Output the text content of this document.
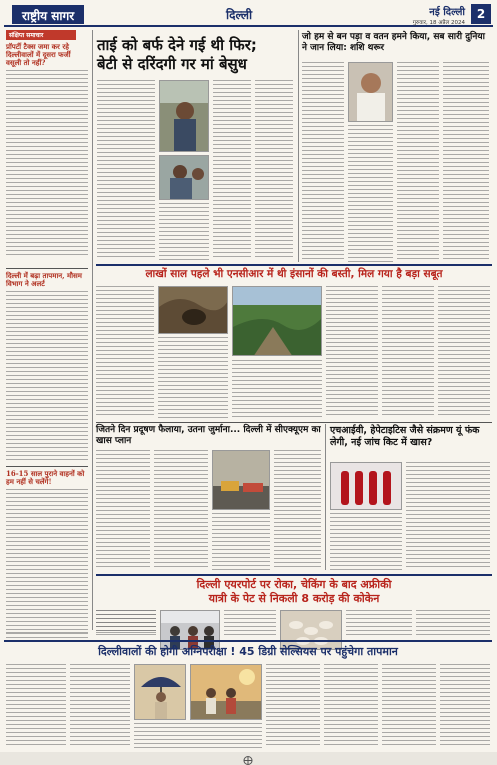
राष्ट्रीय सागर	दिल्ली	नई दिल्ली
गुरुवार, 18 अप्रैल 2024
2
संक्षिप्त समाचार
प्रॉपर्टी टैक्स जमा कर रहे दिल्लीवालों में दूसरा फर्जी वसूली तो नहीं?
दिल्ली में बढ़ा तापमान, मौसम विभाग ने अलर्ट
16-15 साल पुराने वाहनों को हम नहीं से चलेंगे!
ताई को बर्फ देने गई थी फिर;
बेटी से दरिंदगी गर मां बेसुध
जो हम से बन पड़ा व वतन हमने किया, सब सारी दुनिया ने जान लिया: शशि थरूर
लाखों साल पहले भी एनसीआर में थी इंसानों की बस्ती, मिल गया है बड़ा सबूत
जितने दिन प्रदूषण फैलाया, उतना जुर्माना... दिल्ली में सीएक्यूएम का खास प्लान
एचआईवी, हेपेटाइटिस जैसे संक्रमण यूं फंक लेगी, नई जांच किट में खास?
दिल्ली एयरपोर्ट पर रोका, चेकिंग के बाद अफ्रीकी
यात्री के पेट से निकली 8 करोड़ की कोकेन
दिल्लीवालों की होगी अग्निपरीक्षा ! 45 डिग्री सेल्सियस पर पहुंचेगा तापमान
